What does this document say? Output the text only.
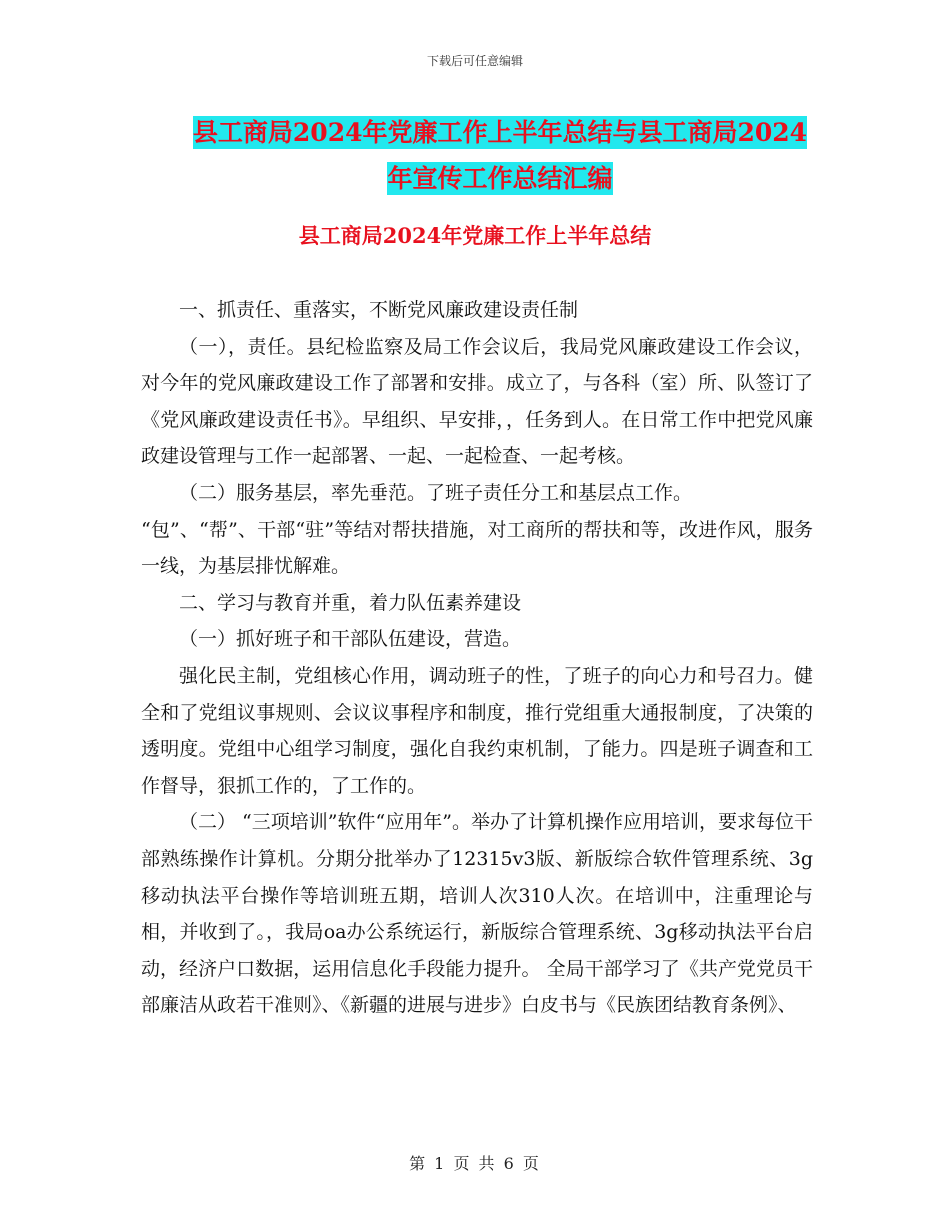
下载后可任意编辑
县工商局2024年党廉工作上半年总结与县工商局2024
年宣传工作总结汇编
县工商局2024年党廉工作上半年总结

一、抓责任、重落实，不断党风廉政建设责任制

（一），责任。县纪检监察及局工作会议后，我局党风廉政建设工作会议，对今年的党风廉政建设工作了部署和安排。成立了，与各科（室）所、队签订了《党风廉政建设责任书》。早组织、早安排，，任务到人。在日常工作中把党风廉政建设管理与工作一起部署、一起、一起检查、一起考核。

（二）服务基层，率先垂范。了班子责任分工和基层点工作。

“包”、“帮”、干部“驻”等结对帮扶措施，对工商所的帮扶和等，改进作风，服务一线，为基层排忧解难。

二、学习与教育并重，着力队伍素养建设

（一）抓好班子和干部队伍建设，营造。

强化民主制，党组核心作用，调动班子的性，了班子的向心力和号召力。健全和了党组议事规则、会议议事程序和制度，推行党组重大通报制度，了决策的透明度。党组中心组学习制度，强化自我约束机制，了能力。四是班子调查和工作督导，狠抓工作的，了工作的。

（二） “三项培训”软件“应用年”。举办了计算机操作应用培训，要求每位干部熟练操作计算机。分期分批举办了12315v3版、新版综合软件管理系统、3g移动执法平台操作等培训班五期，培训人次310人次。在培训中，注重理论与相，并收到了。，我局oa办公系统运行，新版综合管理系统、3g移动执法平台启动，经济户口数据，运用信息化手段能力提升。 全局干部学习了《共产党党员干部廉洁从政若干准则》、《新疆的进展与进步》白皮书与《民族团结教育条例》、

第 1 页 共 6 页
